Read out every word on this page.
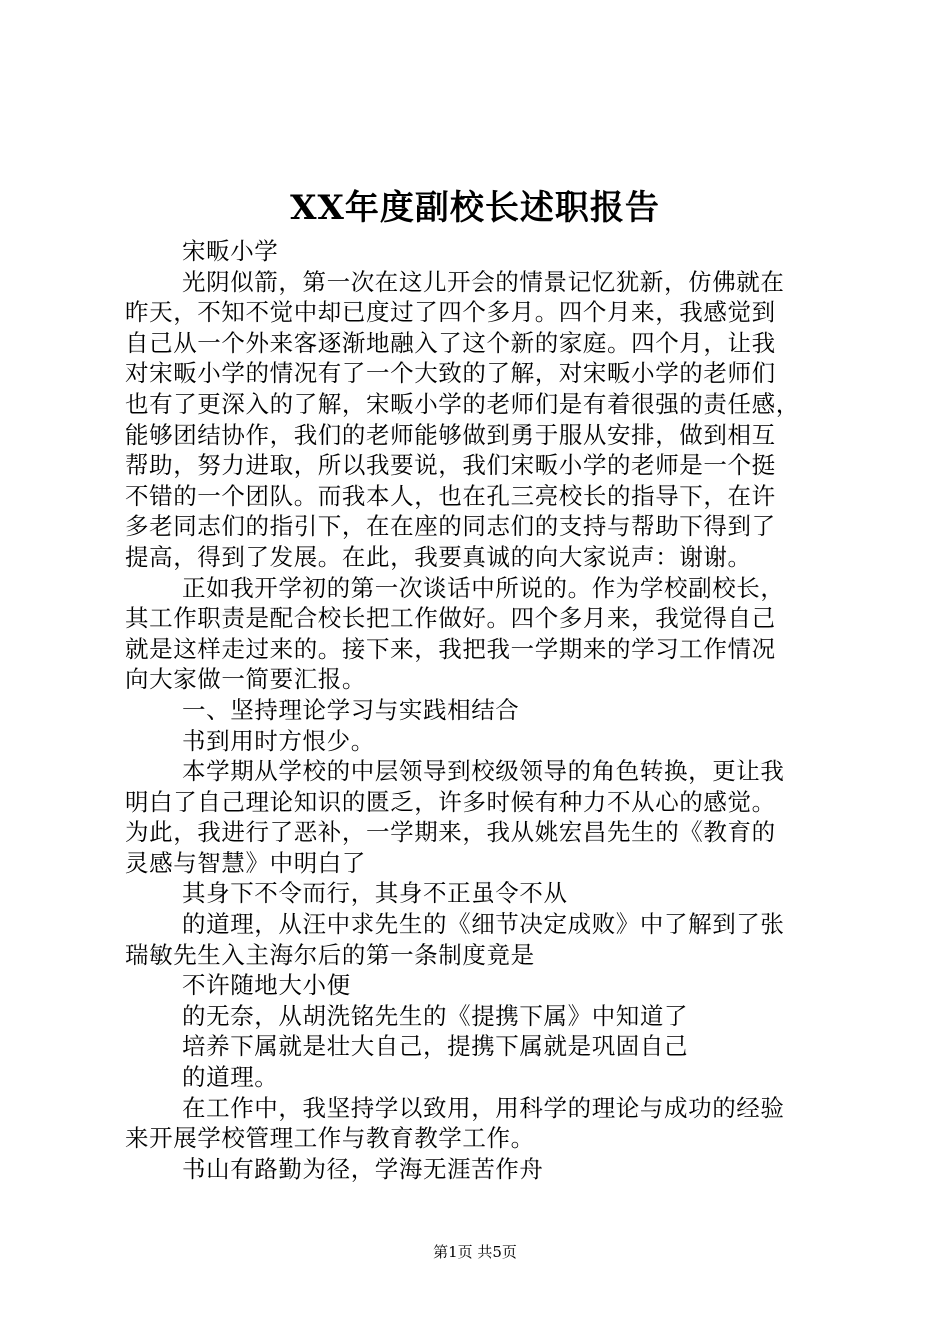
XX年度副校长述职报告
宋畈小学
光阴似箭，第一次在这儿开会的情景记忆犹新，仿佛就在
昨天，不知不觉中却已度过了四个多月。四个月来，我感觉到
自己从一个外来客逐渐地融入了这个新的家庭。四个月，让我
对宋畈小学的情况有了一个大致的了解，对宋畈小学的老师们
也有了更深入的了解，宋畈小学的老师们是有着很强的责任感，
能够团结协作，我们的老师能够做到勇于服从安排，做到相互
帮助，努力进取，所以我要说，我们宋畈小学的老师是一个挺
不错的一个团队。而我本人，也在孔三亮校长的指导下，在许
多老同志们的指引下，在在座的同志们的支持与帮助下得到了
提高，得到了发展。在此，我要真诚的向大家说声：谢谢。
正如我开学初的第一次谈话中所说的。作为学校副校长，
其工作职责是配合校长把工作做好。四个多月来，我觉得自己
就是这样走过来的。接下来，我把我一学期来的学习工作情况
向大家做一简要汇报。
一、坚持理论学习与实践相结合
书到用时方恨少。
本学期从学校的中层领导到校级领导的角色转换，更让我
明白了自己理论知识的匮乏，许多时候有种力不从心的感觉。
为此，我进行了恶补，一学期来，我从姚宏昌先生的《教育的
灵感与智慧》中明白了
其身下不令而行，其身不正虽令不从
的道理，从汪中求先生的《细节决定成败》中了解到了张
瑞敏先生入主海尔后的第一条制度竟是
不许随地大小便
的无奈，从胡洗铭先生的《提携下属》中知道了
培养下属就是壮大自己，提携下属就是巩固自己
的道理。
在工作中，我坚持学以致用，用科学的理论与成功的经验
来开展学校管理工作与教育教学工作。
书山有路勤为径，学海无涯苦作舟
第1页 共5页
